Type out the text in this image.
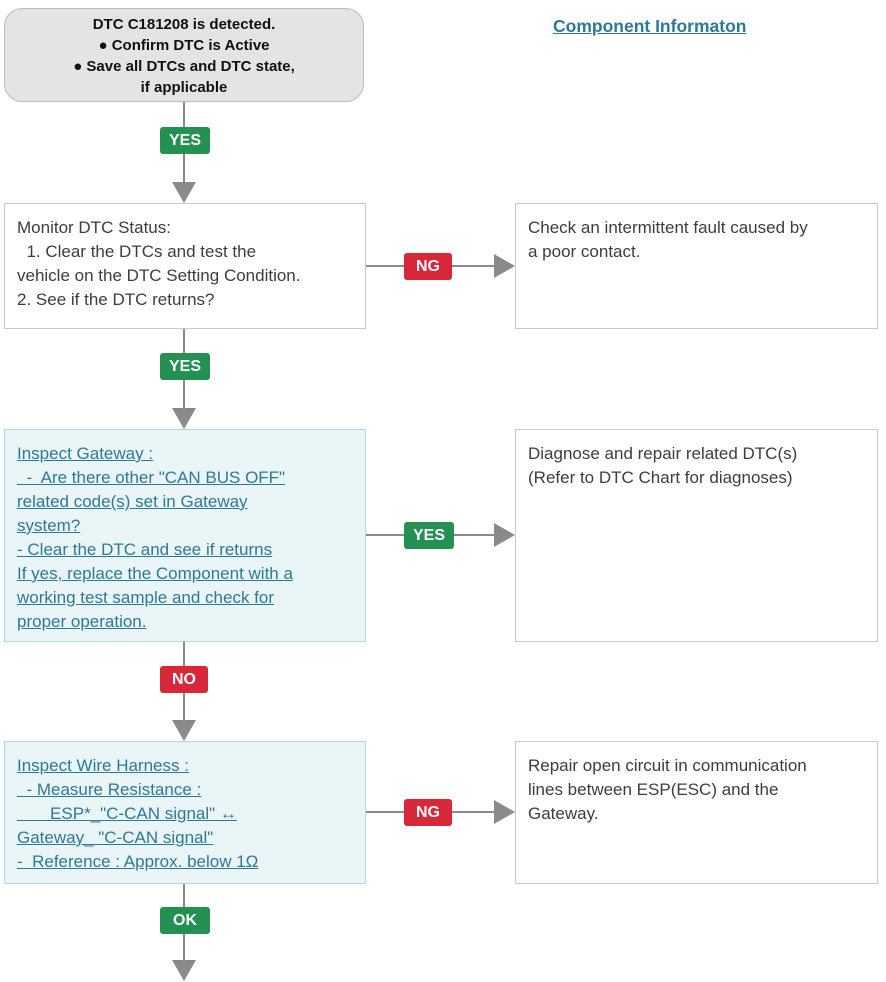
DTC C181208 is detected.
● Confirm DTC is Active
● Save all DTCs and DTC state,
if applicable
Component Informaton
YES
Monitor DTC Status:
1. Clear the DTCs and test the
vehicle on the DTC Setting Condition.
2. See if the DTC returns?
NG
Check an intermittent fault caused by
a poor contact.
YES
Inspect Gateway :
-  Are there other "CAN BUS OFF"
related code(s) set in Gateway
system?
- Clear the DTC and see if returns
If yes, replace the Component with a
working test sample and check for
proper operation.
YES
Diagnose and repair related DTC(s)
(Refer to DTC Chart for diagnoses)
NO
Inspect Wire Harness :
- Measure Resistance :
ESP*_"C-CAN signal" ↔
Gateway_ "C-CAN signal"
-  Reference : Approx. below 1Ω
NG
Repair open circuit in communication
lines between ESP(ESC) and the
Gateway.
OK
